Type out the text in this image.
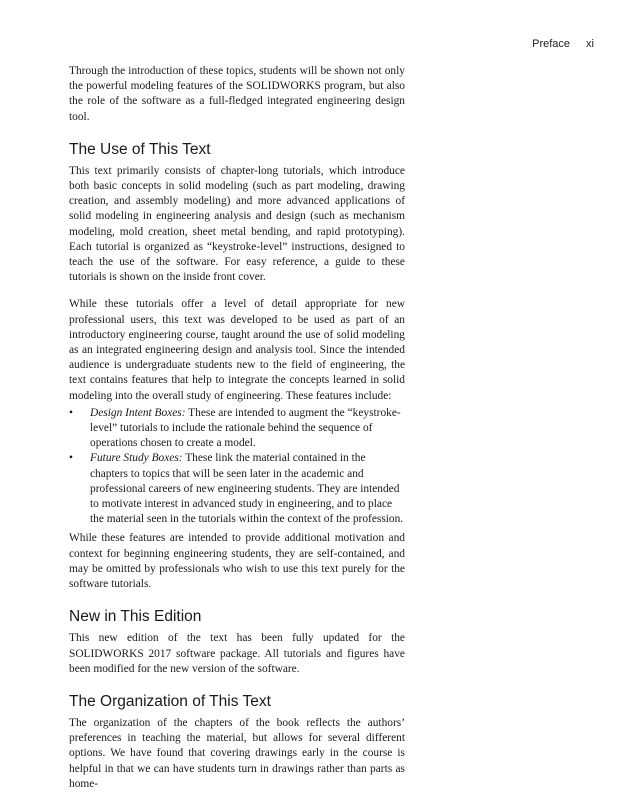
Preface xi

Through the introduction of these topics, students will be shown not only the powerful modeling features of the SOLIDWORKS program, but also the role of the software as a full-fledged integrated engineering design tool.

The Use of This Text

This text primarily consists of chapter-long tutorials, which introduce both basic concepts in solid modeling (such as part modeling, drawing creation, and assembly modeling) and more advanced applications of solid modeling in engineering analysis and design (such as mechanism modeling, mold creation, sheet metal bending, and rapid prototyping). Each tutorial is organized as “keystroke-level” instructions, designed to teach the use of the software. For easy reference, a guide to these tutorials is shown on the inside front cover.

While these tutorials offer a level of detail appropriate for new professional users, this text was developed to be used as part of an introductory engineering course, taught around the use of solid modeling as an integrated engineering design and analysis tool. Since the intended audience is undergraduate students new to the field of engineering, the text contains features that help to integrate the concepts learned in solid modeling into the overall study of engineering. These features include:

• Design Intent Boxes: These are intended to augment the “keystroke-level” tutorials to include the rationale behind the sequence of operations chosen to create a model.
• Future Study Boxes: These link the material contained in the chapters to topics that will be seen later in the academic and professional careers of new engineering students. They are intended to motivate interest in advanced study in engineering, and to place the material seen in the tutorials within the context of the profession.

While these features are intended to provide additional motivation and context for beginning engineering students, they are self-contained, and may be omitted by professionals who wish to use this text purely for the software tutorials.

New in This Edition

This new edition of the text has been fully updated for the SOLIDWORKS 2017 software package. All tutorials and figures have been modified for the new version of the software.

The Organization of This Text

The organization of the chapters of the book reflects the authors’ preferences in teaching the material, but allows for several different options. We have found that covering drawings early in the course is helpful in that we can have students turn in drawings rather than parts as home-
